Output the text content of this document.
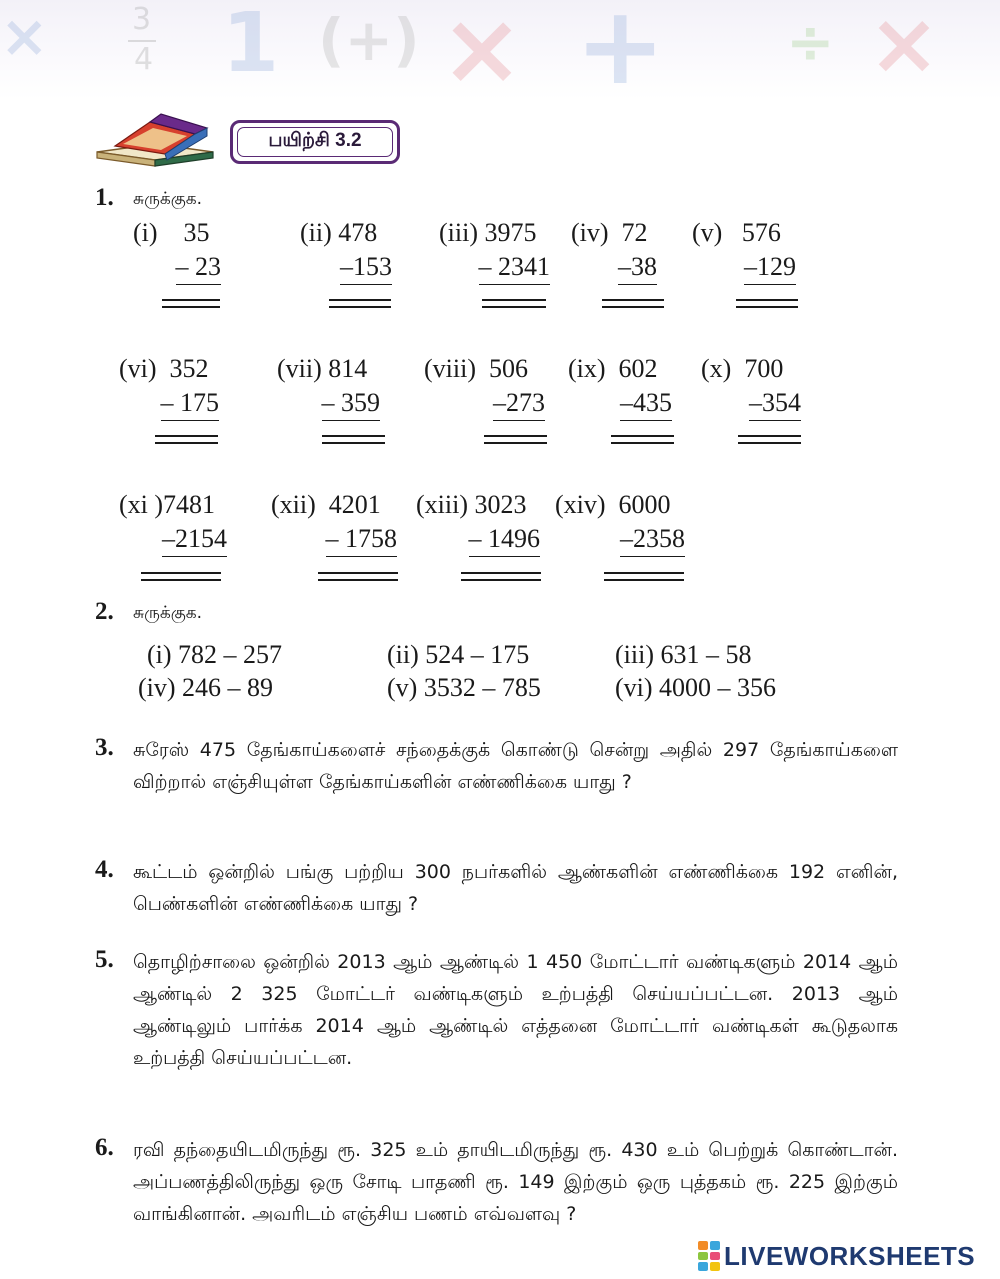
×	3
4 1 (+) × + ÷ ×
பயிற்சி 3.2
1. சுருக்குக.
(i) 35
– 23
(ii) 478
–153
(iii) 3975
– 2341
(iv) 72
–38
(v) 576
–129
(vi) 352
– 175
(vii) 814
– 359
(viii) 506
–273
(ix) 602
–435
(x) 700
–354
(xi )7481
–2154
(xii) 4201
– 1758
(xiii) 3023
– 1496
(xiv) 6000
–2358
2. சுருக்குக.
(i) 782 – 257	(ii) 524 – 175	(iii) 631 – 58
(iv) 246 – 89	(v) 3532 – 785	(vi) 4000 – 356
3. சுரேஸ் 475 தேங்காய்களைச் சந்தைக்குக் கொண்டு சென்று அதில் 297 தேங்காய்களை விற்றால் எஞ்சியுள்ள தேங்காய்களின் எண்ணிக்கை யாது ?
4. கூட்டம் ஒன்றில் பங்கு பற்றிய 300 நபர்களில் ஆண்களின் எண்ணிக்கை 192 எனின், பெண்களின் எண்ணிக்கை யாது ?
5. தொழிற்சாலை ஒன்றில் 2013 ஆம் ஆண்டில் 1 450 மோட்டார் வண்டிகளும் 2014 ஆம் ஆண்டில் 2 325 மோட்டர் வண்டிகளும் உற்பத்தி செய்யப்பட்டன. 2013 ஆம் ஆண்டிலும் பார்க்க 2014 ஆம் ஆண்டில் எத்தனை மோட்டார் வண்டிகள் கூடுதலாக உற்பத்தி செய்யப்பட்டன.
6. ரவி தந்தையிடமிருந்து ரூ. 325 உம் தாயிடமிருந்து ரூ. 430 உம் பெற்றுக் கொண்டான். அப்பணத்திலிருந்து ஒரு சோடி பாதணி ரூ. 149 இற்கும் ஒரு புத்தகம் ரூ. 225 இற்கும் வாங்கினான். அவரிடம் எஞ்சிய பணம் எவ்வளவு ?
LIVEWORKSHEETS
